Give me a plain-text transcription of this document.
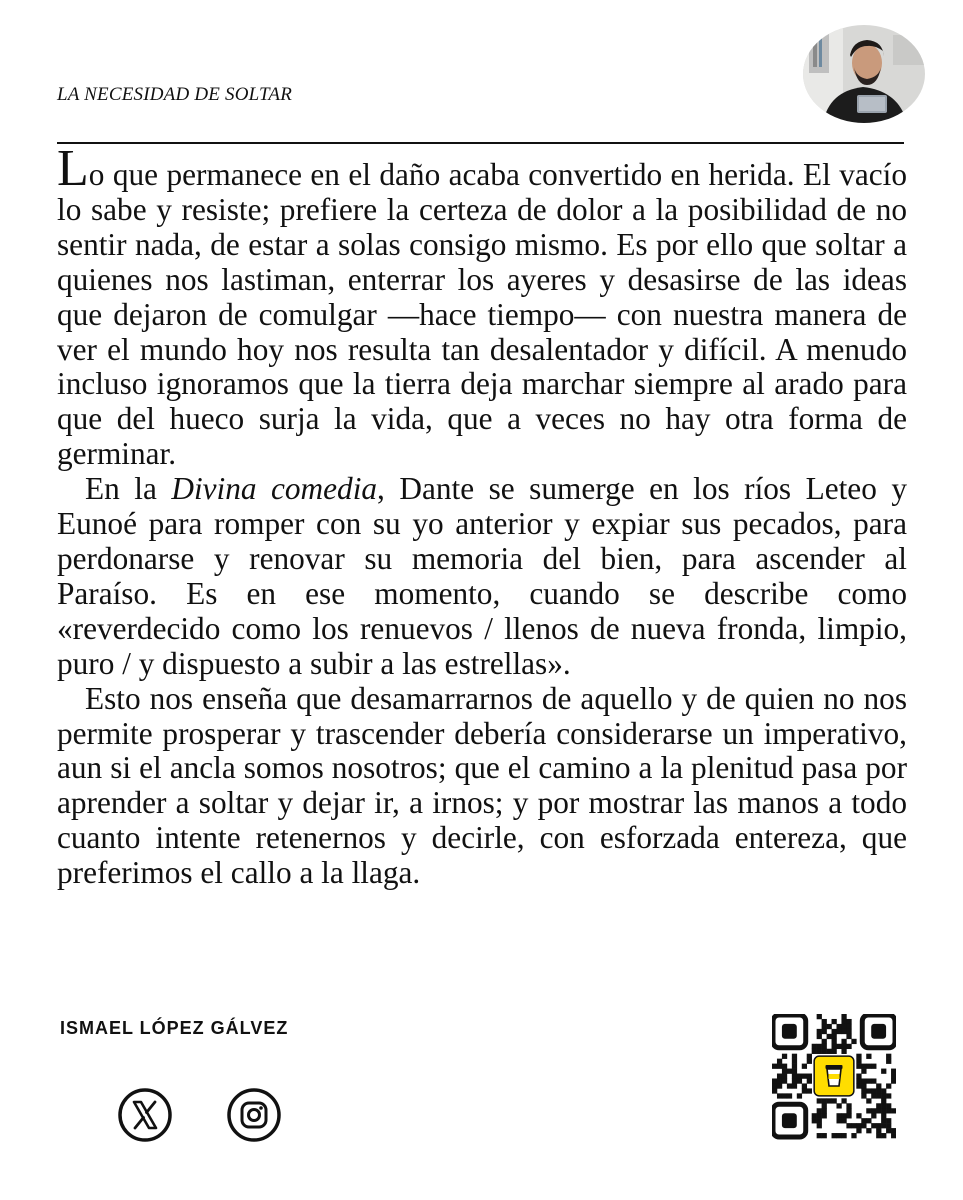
LA NECESIDAD DE SOLTAR

Lo que permanece en el daño acaba convertido en herida. El vacío lo sabe y resiste; prefiere la certeza de dolor a la posibilidad de no sentir nada, de estar a solas consigo mismo. Es por ello que soltar a quienes nos lastiman, enterrar los ayeres y desasirse de las ideas que dejaron de comulgar —hace tiempo— con nuestra manera de ver el mundo hoy nos resulta tan desalentador y difícil. A menudo incluso ignoramos que la tierra deja marchar siempre al arado para que del hueco surja la vida, que a veces no hay otra forma de germinar.

En la Divina comedia, Dante se sumerge en los ríos Leteo y Eunoé para romper con su yo anterior y expiar sus pecados, para perdonarse y renovar su memoria del bien, para ascender al Paraíso. Es en ese momento, cuando se describe como «reverdecido como los renuevos / llenos de nueva fronda, limpio, puro / y dispuesto a subir a las estrellas».

Esto nos enseña que desamarrarnos de aquello y de quien no nos permite prosperar y trascender debería considerarse un imperativo, aun si el ancla somos nosotros; que el camino a la plenitud pasa por aprender a soltar y dejar ir, a irnos; y por mostrar las manos a todo cuanto intente retenernos y decirle, con esforzada entereza, que preferimos el callo a la llaga.

ISMAEL LÓPEZ GÁLVEZ
